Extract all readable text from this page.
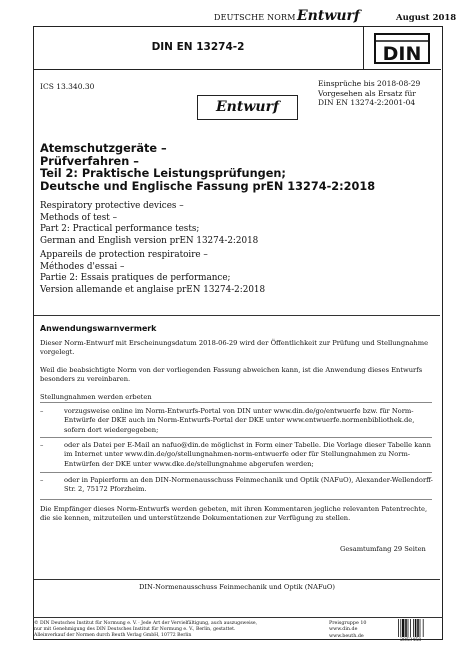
DEUTSCHE NORM Entwurf	August 2018
DIN EN 13274-2	DIN
ICS 13.340.30	Einsprüche bis 2018-08-29
Vorgesehen als Ersatz für
DIN EN 13274-2:2001-04
Entwurf
Atemschutzgeräte –
Prüfverfahren –
Teil 2: Praktische Leistungsprüfungen;
Deutsche und Englische Fassung prEN 13274-2:2018
Respiratory protective devices –
Methods of test –
Part 2: Practical performance tests;
German and English version prEN 13274-2:2018
Appareils de protection respiratoire –
Méthodes d'essai –
Partie 2: Essais pratiques de performance;
Version allemande et anglaise prEN 13274-2:2018
Anwendungswarnvermerk
Dieser Norm-Entwurf mit Erscheinungsdatum 2018-06-29 wird der Öffentlichkeit zur Prüfung und Stellungnahme vorgelegt.
Weil die beabsichtigte Norm von der vorliegenden Fassung abweichen kann, ist die Anwendung dieses Entwurfs besonders zu vereinbaren.
Stellungnahmen werden erbeten
–	vorzugsweise online im Norm-Entwurfs-Portal von DIN unter www.din.de/go/entwuerfe bzw. für Norm-Entwürfe der DKE auch im Norm-Entwurfs-Portal der DKE unter www.entwuerfe.normenbibliothek.de, sofern dort wiedergegeben;
–	oder als Datei per E-Mail an nafuo@din.de möglichst in Form einer Tabelle. Die Vorlage dieser Tabelle kann im Internet unter www.din.de/go/stellungnahmen-norm-entwuerfe oder für Stellungnahmen zu Norm-Entwürfen der DKE unter www.dke.de/stellungnahme abgerufen werden;
–	oder in Papierform an den DIN-Normenausschuss Feinmechanik und Optik (NAFuO), Alexander-Wellendorff-Str. 2, 75172 Pforzheim.
Die Empfänger dieses Norm-Entwurfs werden gebeten, mit ihren Kommentaren jegliche relevanten Patentrechte, die sie kennen, mitzuteilen und unterstützende Dokumentationen zur Verfügung zu stellen.
Gesamtumfang 29 Seiten
DIN-Normenausschuss Feinmechanik und Optik (NAFuO)
© DIN Deutsches Institut für Normung e. V. · Jede Art der Vervielfältigung, auch auszugsweise,
nur mit Genehmigung des DIN Deutsches Institut für Normung e. V., Berlin, gestattet.
Alleinverkauf der Normen durch Beuth Verlag GmbH, 10772 Berlin
Preisgruppe 10
www.din.de
www.beuth.de
2853458
